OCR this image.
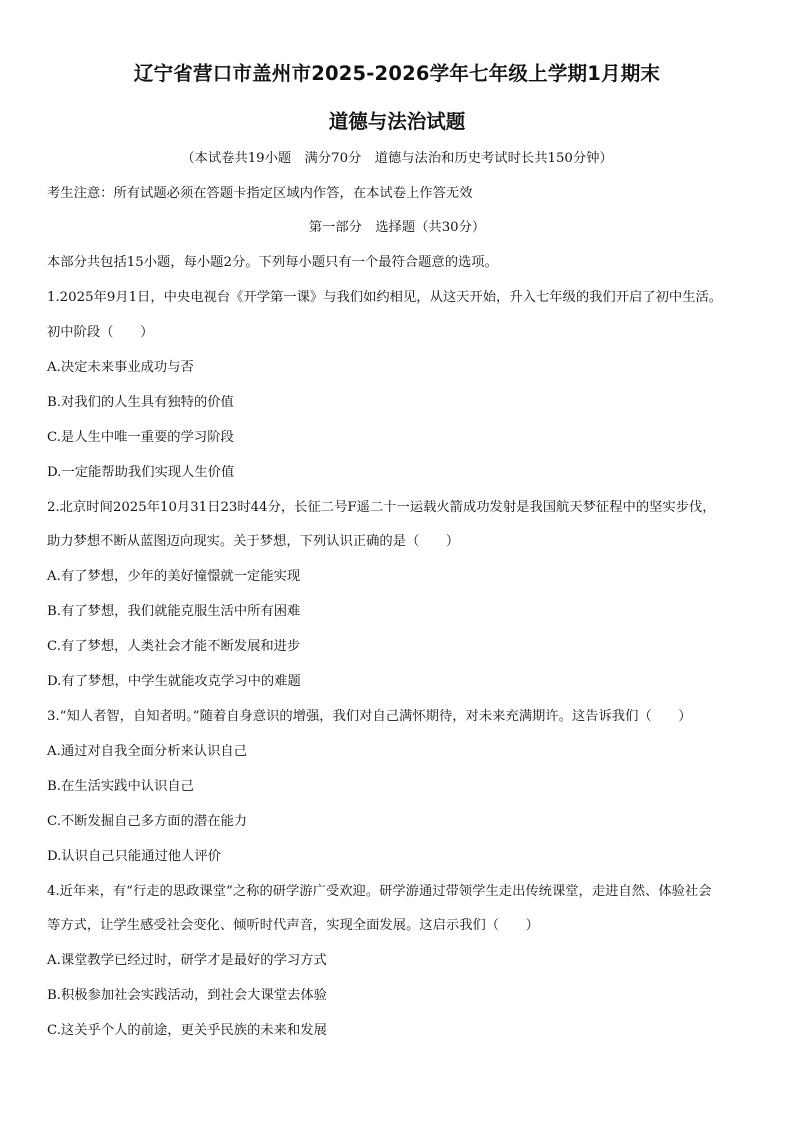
辽宁省营口市盖州市2025-2026学年七年级上学期1月期末
道德与法治试题
（本试卷共19小题　满分70分　道德与法治和历史考试时长共150分钟）
考生注意：所有试题必须在答题卡指定区域内作答，在本试卷上作答无效
第一部分　选择题（共30分）
本部分共包括15小题，每小题2分。下列每小题只有一个最符合题意的选项。
1.2025年9月1日，中央电视台《开学第一课》与我们如约相见，从这天开始，升入七年级的我们开启了初中生活。
初中阶段（　　）
A.决定未来事业成功与否
B.对我们的人生具有独特的价值
C.是人生中唯一重要的学习阶段
D.一定能帮助我们实现人生价值
2.北京时间2025年10月31日23时44分，长征二号F遥二十一运载火箭成功发射是我国航天梦征程中的坚实步伐，
助力梦想不断从蓝图迈向现实。关于梦想，下列认识正确的是（　　）
A.有了梦想，少年的美好憧憬就一定能实现
B.有了梦想，我们就能克服生活中所有困难
C.有了梦想，人类社会才能不断发展和进步
D.有了梦想，中学生就能攻克学习中的难题
3.“知人者智，自知者明。”随着自身意识的增强，我们对自己满怀期待，对未来充满期许。这告诉我们（　　）
A.通过对自我全面分析来认识自己
B.在生活实践中认识自己
C.不断发掘自己多方面的潜在能力
D.认识自己只能通过他人评价
4.近年来，有“行走的思政课堂”之称的研学游广受欢迎。研学游通过带领学生走出传统课堂，走进自然、体验社会
等方式，让学生感受社会变化、倾听时代声音，实现全面发展。这启示我们（　　）
A.课堂教学已经过时，研学才是最好的学习方式
B.积极参加社会实践活动，到社会大课堂去体验
C.这关乎个人的前途，更关乎民族的未来和发展
